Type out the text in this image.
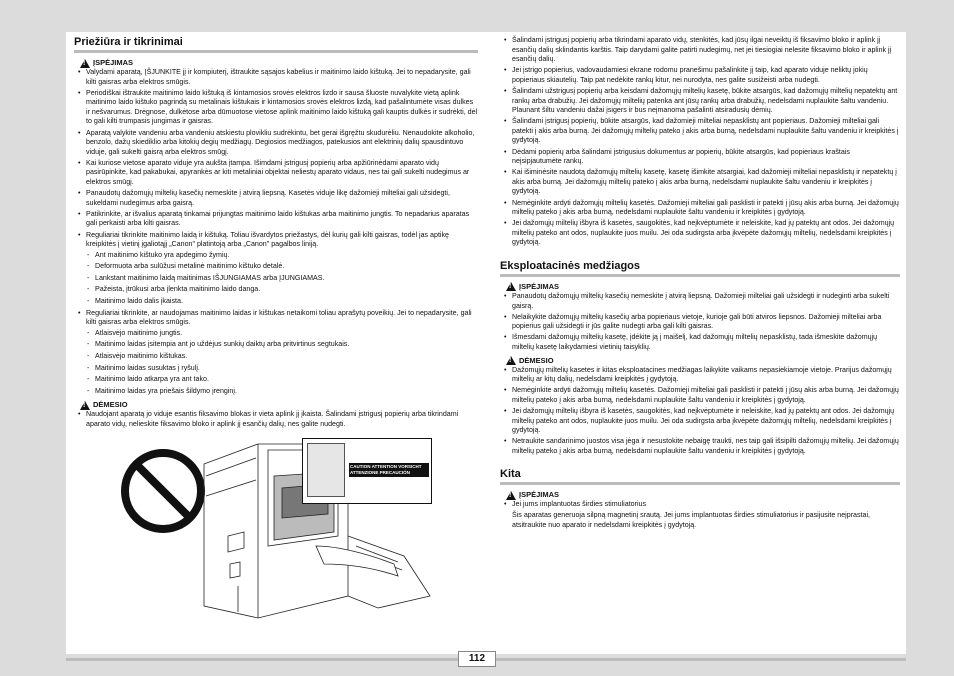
Priežiūra ir tikrinimai
!
ĮSPĖJIMAS
• Valydami aparatą, ĮŠJUNKITE jį ir kompiuterį, ištraukite sąsajos kabelius ir maitinimo laido kištuką. Jei to nepadarysite, gali kilti gaisras arba elektros smūgis.
• Periodiškai ištraukite maitinimo laido kištuką iš kintamosios srovės elektros lizdo ir sausa šluoste nuvalykite vietą aplink maitinimo laido kištuko pagrindą su metalinais kištukais ir kintamosios srovės elektros lizdą, kad pašalintumėte visas dulkes ir nešvarumus. Drėgnose, dulkėtose arba dūmuotose vietose aplink maitinimo laido kištuką gali kauptis dulkės ir sudrėkti, dėl to gali kilti trumpasis jungimas ir gaisras.
• Aparatą valykite vandeniu arba vandeniu atskiestu plovikliu sudrėkintu, bet gerai išgręžtu skudurėliu. Nenaudokite alkoholio, benzolo, dažų skiediklio arba kitokių degių medžiagų. Degiosios medžiagos, patekusios ant elektrinių dalių spausdintuvo viduje, gali sukelti gaisrą arba elektros smūgį.
• Kai kuriose vietose aparato viduje yra aukšta įtampa. Išimdami įstrigusį popierių arba apžiūrinėdami aparato vidų pasirūpinkite, kad pakabukai, apyrankės ar kiti metaliniai objektai neliestų aparato vidaus, nes tai gali sukelti nudegimus ar elektros smūgį.
• Panaudotų dažomųjų miltelių kasečių nemeskite į atvirą liepsną. Kasetės viduje likę dažomieji milteliai gali užsidegti, sukeldami nudegimus arba gaisrą.
• Patikrinkite, ar išvalius aparatą tinkamai prijungtas maitinimo laido kištukas arba maitinimo jungtis. To nepadarius aparatas gali perkaisti arba kilti gaisras.
• Reguliariai tikrinkite maitinimo laidą ir kištuką. Toliau išvardytos priežastys, dėl kurių gali kilti gaisras, todėl jas aptikę kreipkitės į vietinį įgaliotąjį „Canon" platintoją arba „Canon" pagalbos liniją.
- Ant maitinimo kištuko yra apdegimo žymių.
- Deformuota arba sulūžusi metalinė maitinimo kištuko detalė.
- Lankstant maitinimo laidą maitinimas IŠJUNGIAMAS arba ĮJUNGIAMAS.
- Pažeista, įtrūkusi arba įlenkta maitinimo laido danga.
- Maitinimo laido dalis įkaista.
• Reguliariai tikrinkite, ar naudojamas maitinimo laidas ir kištukas netaikomi toliau aprašytų poveikių. Jei to nepadarysite, gali kilti gaisras arba elektros smūgis.
- Atlaisvėjo maitinimo jungtis.
- Maitinimo laidas įsitempia ant jo uždėjus sunkių daiktų arba pritvirtinus segtukais.
- Atlaisvėjo maitinimo kištukas.
- Maitinimo laidas susuktas į ryšulį.
- Maitinimo laido atkarpa yra ant tako.
- Maitinimo laidas yra priešais šildymo įrenginį.
!
DĖMESIO
• Naudojant aparatą jo viduje esantis fiksavimo blokas ir vieta aplink jį įkaista. Šalindami įstrigusį popierių arba tikrindami aparato vidų, nelieskite fiksavimo bloko ir aplink jį esančių dalių, nes galite nudegti.
CAUTION ATTENTION VORSICHT ATTENZIONE PRECAUCIÓN
• Šalindami įstrigusį popierių arba tikrindami aparato vidų, stenkitės, kad jūsų ilgai neveiktų iš fiksavimo bloko ir aplink jį esančių dalių sklindantis karštis. Taip darydami galite patirti nudegimų, net jei tiesiogiai nelesite fiksavimo bloko ir aplink jį esančių dalių.
• Jei įstrigo popierius, vadovaudamiesi ekrane rodomu pranešimu pašalinkite jį taip, kad aparato viduje neliktų jokių popieriaus skiautelių. Taip pat nedėkite rankų kitur, nei nurodyta, nes galite susižeisti arba nudegti.
• Šalindami užstrigusį popierių arba keisdami dažomųjų miltelių kasetę, būkite atsargūs, kad dažomųjų miltelių nepatektų ant rankų arba drabužių. Jei dažomųjų miltelių patenka ant jūsų rankų arba drabužių, nedelsdami nuplaukite šaltu vandeniu. Plaunant šiltu vandeniu dažai įsigers ir bus neįmanoma pašalinti atsiradusių dėmių.
• Šalindami įstrigusį popierių, būkite atsargūs, kad dažomieji milteliai nepasklistų ant popieriaus. Dažomieji milteliai gali patekti į akis arba burną. Jei dažomųjų miltelių pateko į akis arba burną, nedelsdami nuplaukite šaltu vandeniu ir kreipkitės į gydytoją.
• Dėdami popierių arba šalindami įstrigusius dokumentus ar popierių, būkite atsargūs, kad popieriaus kraštais neįsipjautumėte rankų.
• Kai išiminėsite naudotą dažomųjų miltelių kasetę, kasetę išimkite atsargiai, kad dažomieji milteliai nepasklistų ir nepatektų į akis arba burną. Jei dažomųjų miltelių pateko į akis arba burną, nedelsdami nuplaukite šaltu vandeniu ir kreipkitės į gydytoją.
• Nemėginkite ardyti dažomųjų miltelių kasetės. Dažomieji milteliai gali pasklisti ir patekti į jūsų akis arba burną. Jei dažomųjų miltelių pateko į akis arba burną, nedelsdami nuplaukite šaltu vandeniu ir kreipkitės į gydytoją.
• Jei dažomųjų miltelių išbyra iš kasetės, saugokitės, kad neįkvėptumėte ir neleiskite, kad jų patektų ant odos. Jei dažomųjų miltelių pateko ant odos, nuplaukite juos muilu. Jei oda sudirgsta arba įkvėpėte dažomųjų miltelių, nedelsdami kreipkitės į gydytoją.
Eksploatacinės medžiagos
!
ĮSPĖJIMAS
• Panaudotų dažomųjų miltelių kasečių nemeskite į atvirą liepsną. Dažomieji milteliai gali užsidegti ir nudeginti arba sukelti gaisrą.
• Nelaikykite dažomųjų miltelių kasečių arba popieriaus vietoje, kurioje gali būti atviros liepsnos. Dažomieji milteliai arba popierius gali užsidegti ir jūs galite nudegti arba gali kilti gaisras.
• Išmesdami dažomųjų miltelių kasetę, įdėkite ją į maišelį, kad dažomųjų miltelių nepasklistų, tada išmeskite dažomųjų miltelių kasetę laikydamiesi vietinių taisyklių.
!
DĖMESIO
• Dažomųjų miltelių kasetes ir kitas eksploatacines medžiagas laikykite vaikams nepasiekiamoje vietoje. Prarijus dažomųjų miltelių ar kitų dalių, nedelsdami kreipkitės į gydytoją.
• Nemėginkite ardyti dažomųjų miltelių kasetės. Dažomieji milteliai gali pasklisti ir patekti į jūsų akis arba burną. Jei dažomųjų miltelių pateko į akis arba burną, nedelsdami nuplaukite šaltu vandeniu ir kreipkitės į gydytoją.
• Jei dažomųjų miltelių išbyra iš kasetės, saugokitės, kad neįkvėptumėte ir neleiskite, kad jų patektų ant odos. Jei dažomųjų miltelių pateko ant odos, nuplaukite juos muilu. Jei oda sudirgsta arba įkvėpėte dažomųjų miltelių, nedelsdami kreipkitės į gydytoją.
• Netraukite sandarinimo juostos visa jėga ir nesustokite nebaigę traukti, nes taip gali išsipilti dažomųjų miltelių. Jei dažomųjų miltelių pateko į akis arba burną, nedelsdami nuplaukite šaltu vandeniu ir kreipkitės į gydytoją.
Kita
!
ĮSPĖJIMAS
• Jei jums implantuotas širdies stimuliatorius
Šis aparatas generuoja silpną magnetinį srautą. Jei jums implantuotas širdies stimuliatorius ir pasijusite neįprastai, atsitraukite nuo aparato ir nedelsdami kreipkitės į gydytoją.
112
